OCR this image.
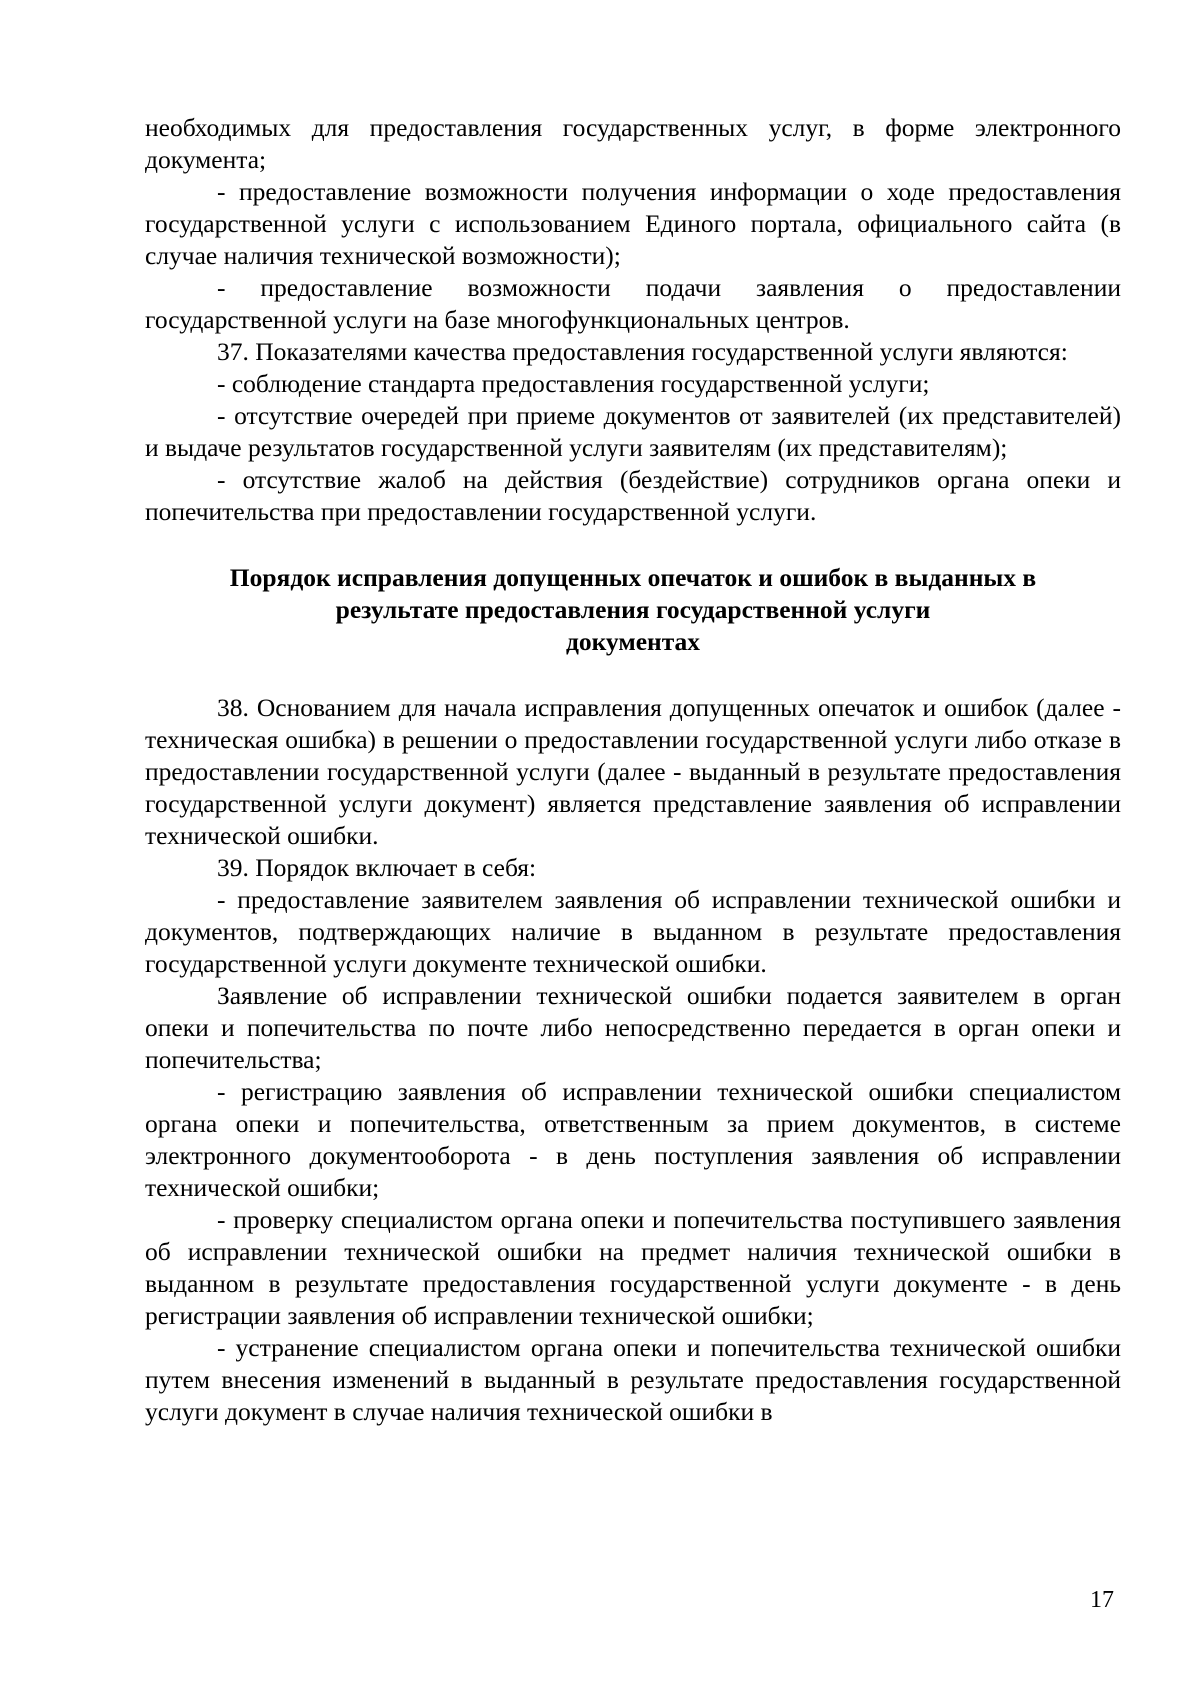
необходимых для предоставления государственных услуг, в форме электронного документа;

- предоставление возможности получения информации о ходе предоставления государственной услуги с использованием Единого портала, официального сайта (в случае наличия технической возможности);

- предоставление возможности подачи заявления о предоставлении государственной услуги на базе многофункциональных центров.

37. Показателями качества предоставления государственной услуги являются:

- соблюдение стандарта предоставления государственной услуги;

- отсутствие очередей при приеме документов от заявителей (их представителей) и выдаче результатов государственной услуги заявителям (их представителям);

- отсутствие жалоб на действия (бездействие) сотрудников органа опеки и попечительства при предоставлении государственной услуги.

Порядок исправления допущенных опечаток и ошибок в выданных в
результате предоставления государственной услуги
документах

38. Основанием для начала исправления допущенных опечаток и ошибок (далее - техническая ошибка) в решении о предоставлении государственной услуги либо отказе в предоставлении государственной услуги (далее - выданный в результате предоставления государственной услуги документ) является представление заявления об исправлении технической ошибки.

39. Порядок включает в себя:

- предоставление заявителем заявления об исправлении технической ошибки и документов, подтверждающих наличие в выданном в результате предоставления государственной услуги документе технической ошибки.

Заявление об исправлении технической ошибки подается заявителем в орган опеки и попечительства по почте либо непосредственно передается в орган опеки и попечительства;

- регистрацию заявления об исправлении технической ошибки специалистом органа опеки и попечительства, ответственным за прием документов, в системе электронного документооборота - в день поступления заявления об исправлении технической ошибки;

- проверку специалистом органа опеки и попечительства поступившего заявления об исправлении технической ошибки на предмет наличия технической ошибки в выданном в результате предоставления государственной услуги документе - в день регистрации заявления об исправлении технической ошибки;

- устранение специалистом органа опеки и попечительства технической ошибки путем внесения изменений в выданный в результате предоставления государственной услуги документ в случае наличия технической ошибки в

17
